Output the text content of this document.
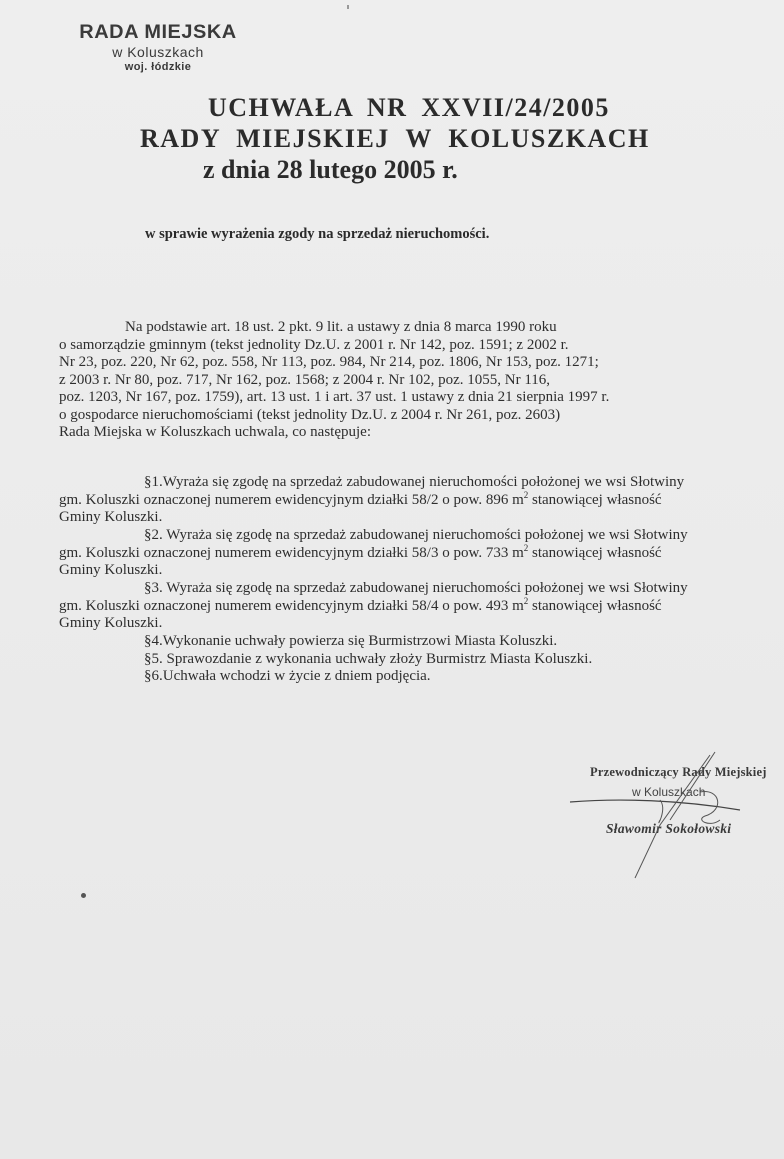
RADA MIEJSKA
w Koluszkach
woj. łódzkie
UCHWAŁA NR XXVII/24/2005
RADY MIEJSKIEJ W KOLUSZKACH
z dnia 28 lutego 2005 r.
w sprawie wyrażenia zgody na sprzedaż nieruchomości.
Na podstawie art. 18 ust. 2 pkt. 9 lit. a ustawy z dnia 8 marca 1990 roku
o samorządzie gminnym (tekst jednolity Dz.U. z 2001 r. Nr 142, poz. 1591; z 2002 r.
Nr 23, poz. 220, Nr 62, poz. 558, Nr 113, poz. 984, Nr 214, poz. 1806, Nr 153, poz. 1271;
z 2003 r. Nr 80, poz. 717, Nr 162, poz. 1568; z 2004 r. Nr 102, poz. 1055, Nr 116,
poz. 1203, Nr 167, poz. 1759), art. 13 ust. 1 i art. 37 ust. 1 ustawy z dnia 21 sierpnia 1997 r.
o gospodarce nieruchomościami (tekst jednolity Dz.U. z 2004 r. Nr 261, poz. 2603)
Rada Miejska w Koluszkach uchwala, co następuje:
§1.Wyraża się zgodę na sprzedaż zabudowanej nieruchomości położonej we wsi Słotwiny
gm. Koluszki oznaczonej numerem ewidencyjnym działki 58/2 o pow. 896 $m^2$ stanowiącej własność
Gminy Koluszki.
§2. Wyraża się zgodę na sprzedaż zabudowanej nieruchomości położonej we wsi Słotwiny
gm. Koluszki oznaczonej numerem ewidencyjnym działki 58/3 o pow. 733 $m^2$ stanowiącej własność
Gminy Koluszki.
§3. Wyraża się zgodę na sprzedaż zabudowanej nieruchomości położonej we wsi Słotwiny
gm. Koluszki oznaczonej numerem ewidencyjnym działki 58/4 o pow. 493 $m^2$ stanowiącej własność
Gminy Koluszki.
§4.Wykonanie uchwały powierza się Burmistrzowi Miasta Koluszki.
§5. Sprawozdanie z wykonania uchwały złoży Burmistrz Miasta Koluszki.
§6.Uchwała wchodzi w życie z dniem podjęcia.
Przewodniczący Rady Miejskiej
w Koluszkach
Sławomir Sokołowski
